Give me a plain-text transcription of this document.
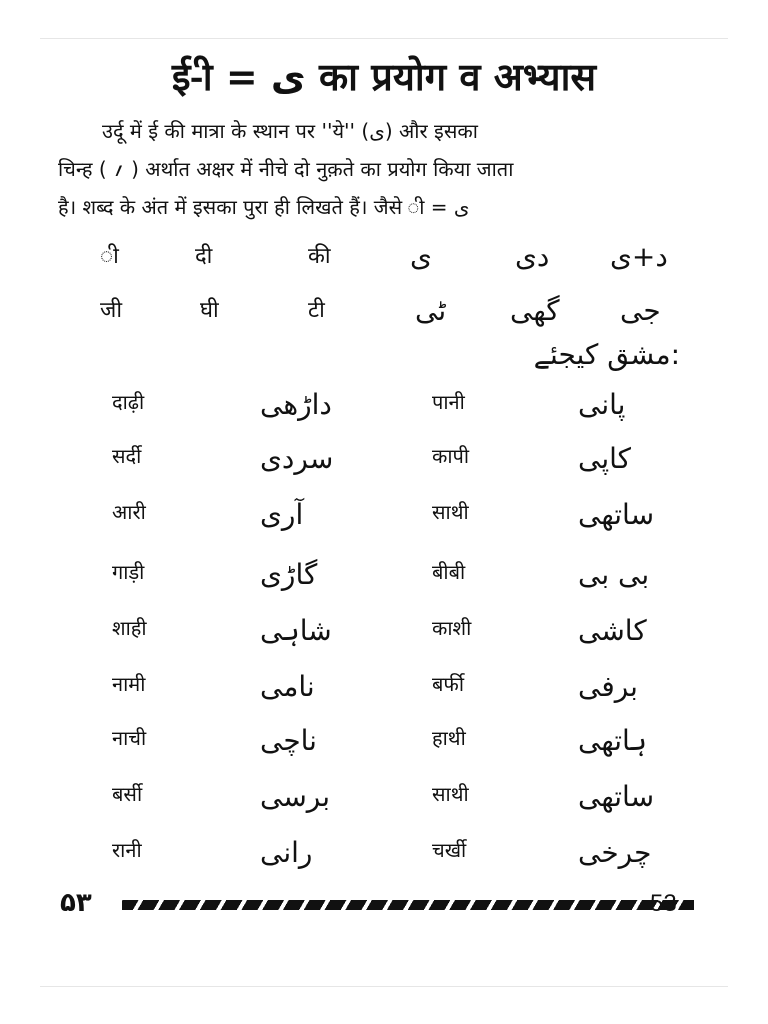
ई-ी = ی का प्रयोग व अभ्यास

उर्दू में ई की मात्रा के स्थान पर ''ये'' (ی) और इसका

चिन्ह ( ؍ ) अर्थात अक्षर में नीचे दो नुक़ते का प्रयोग किया जाता

है। शब्द के अंत में इसका पुरा ही लिखते हैं। जैसे ी = ی

ी	दी	की	ی	دی د+ی
जी	घी	टी	ٹی گھی جی
مشق کیجئے:
दाढ़ी	داڑھی	पानी	پانی
सर्दी	سردی	कापी	کاپی
आरी	آری	साथी	ساتھی
गाड़ी	گاڑی	बीबी	بی بی
शाही	شاہی	काशी	کاشی
नामी	نامی	बर्फी	برفی
नाची	ناچی	हाथी	ہاتھی
बर्सी	برسی	साथी	ساتھی
रानी	رانی	चर्खी	چرخی
۵۳	53
